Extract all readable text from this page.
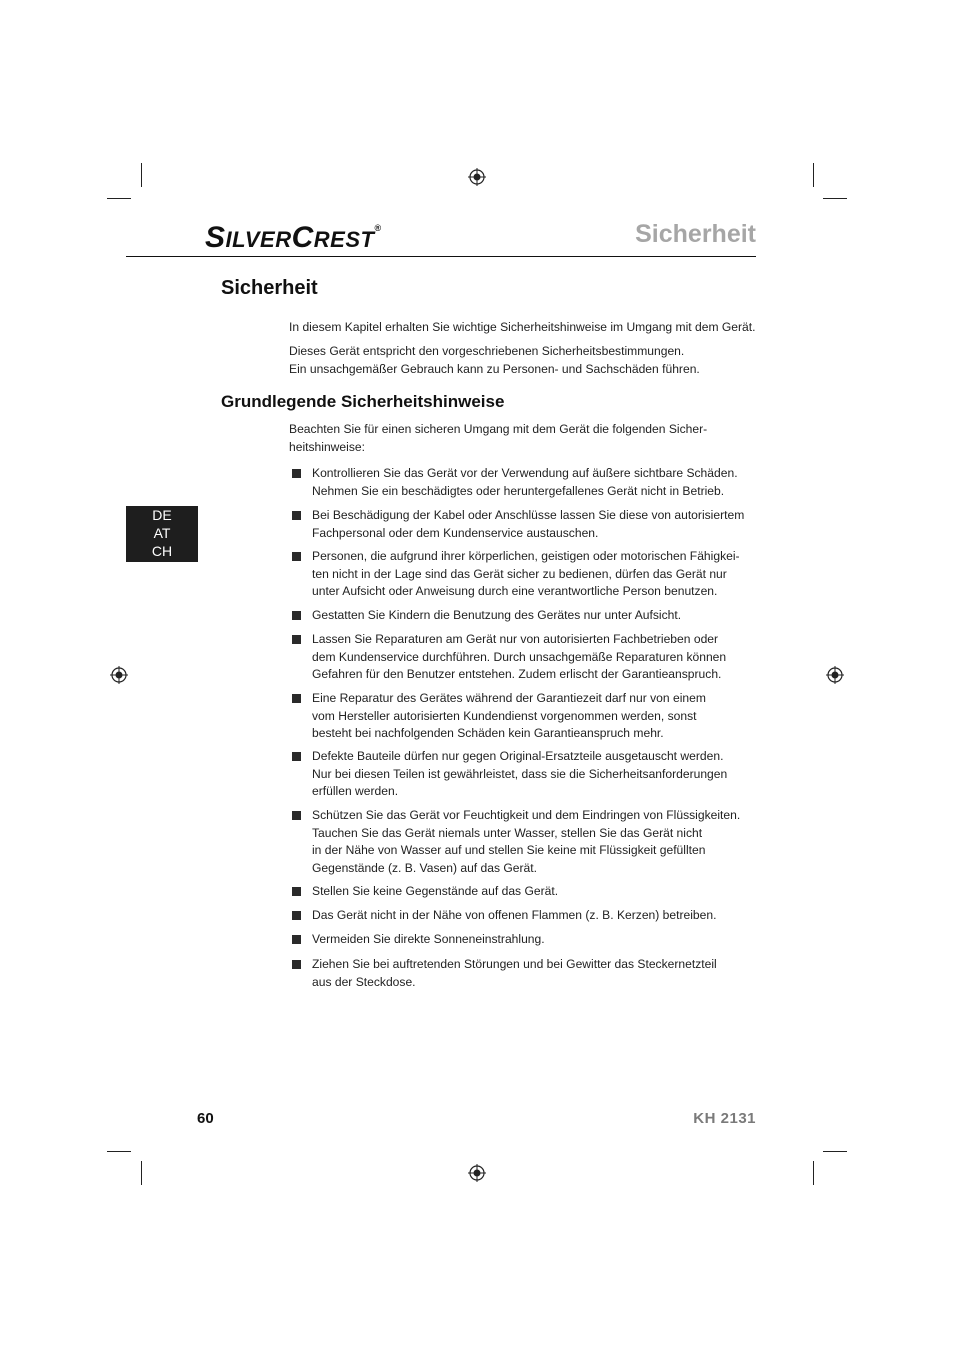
SILVERCREST®	Sicherheit
Sicherheit
In diesem Kapitel erhalten Sie wichtige Sicherheitshinweise im Umgang mit dem Gerät.
Dieses Gerät entspricht den vorgeschriebenen Sicherheitsbestimmungen.
Ein unsachgemäßer Gebrauch kann zu Personen- und Sachschäden führen.
Grundlegende Sicherheitshinweise
Beachten Sie für einen sicheren Umgang mit dem Gerät die folgenden Sicher-
heitshinweise:
DE
AT
CH
Kontrollieren Sie das Gerät vor der Verwendung auf äußere sichtbare Schäden.
Nehmen Sie ein beschädigtes oder heruntergefallenes Gerät nicht in Betrieb.
Bei Beschädigung der Kabel oder Anschlüsse lassen Sie diese von autorisiertem
Fachpersonal oder dem Kundenservice austauschen.
Personen, die aufgrund ihrer körperlichen, geistigen oder motorischen Fähigkei-
ten nicht in der Lage sind das Gerät sicher zu bedienen, dürfen das Gerät nur
unter Aufsicht oder Anweisung durch eine verantwortliche Person benutzen.
Gestatten Sie Kindern die Benutzung des Gerätes nur unter Aufsicht.
Lassen Sie Reparaturen am Gerät nur von autorisierten Fachbetrieben oder
dem Kundenservice durchführen. Durch unsachgemäße Reparaturen können
Gefahren für den Benutzer entstehen. Zudem erlischt der Garantieanspruch.
Eine Reparatur des Gerätes während der Garantiezeit darf nur von einem
vom Hersteller autorisierten Kundendienst vorgenommen werden, sonst
besteht bei nachfolgenden Schäden kein Garantieanspruch mehr.
Defekte Bauteile dürfen nur gegen Original-Ersatzteile ausgetauscht werden.
Nur bei diesen Teilen ist gewährleistet, dass sie die Sicherheitsanforderungen
erfüllen werden.
Schützen Sie das Gerät vor Feuchtigkeit und dem Eindringen von Flüssigkeiten.
Tauchen Sie das Gerät niemals unter Wasser, stellen Sie das Gerät nicht
in der Nähe von Wasser auf und stellen Sie keine mit Flüssigkeit gefüllten
Gegenstände (z. B. Vasen) auf das Gerät.
Stellen Sie keine Gegenstände auf das Gerät.
Das Gerät nicht in der Nähe von offenen Flammen (z. B. Kerzen) betreiben.
Vermeiden Sie direkte Sonneneinstrahlung.
Ziehen Sie bei auftretenden Störungen und bei Gewitter das Steckernetzteil
aus der Steckdose.
60	KH 2131
